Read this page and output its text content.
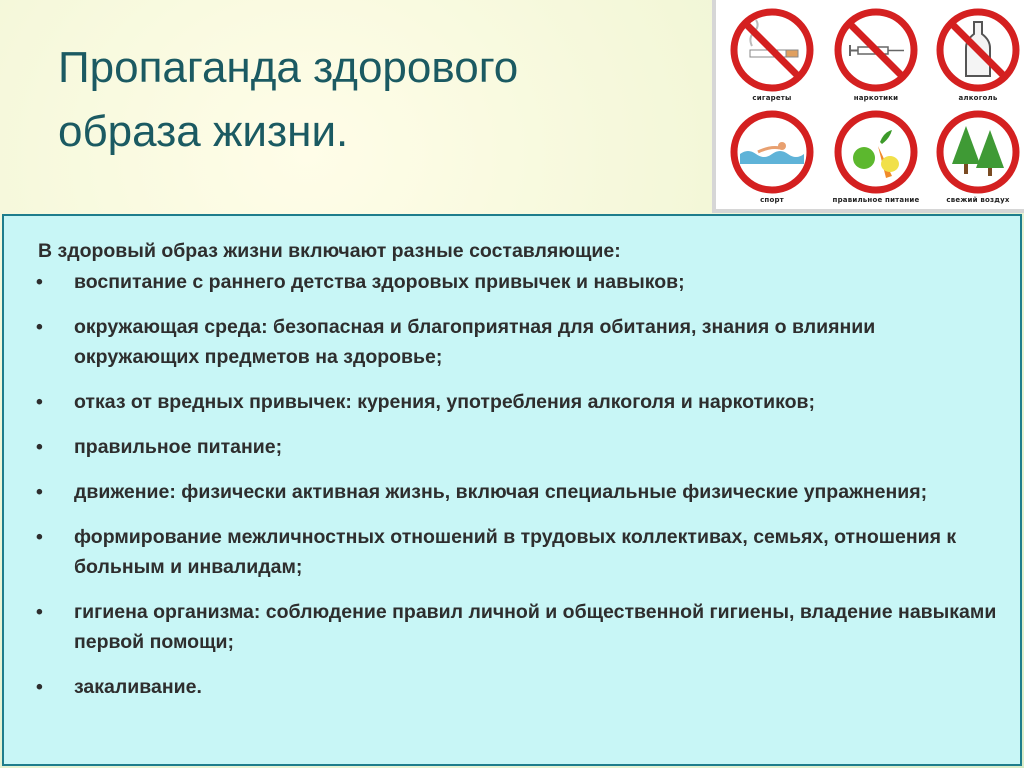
Пропаганда здорового
образа жизни.
сигареты	наркотики	алкоголь
спорт	правильное питание	свежий воздух

В здоровый образ жизни включают разные составляющие:

• воспитание с раннего детства здоровых привычек и навыков;
• окружающая среда: безопасная и благоприятная для обитания, знания о влиянии окружающих предметов на здоровье;
• отказ от вредных привычек: курения, употребления алкоголя и наркотиков;
• правильное питание;
• движение: физически активная жизнь, включая специальные физические упражнения;
• формирование межличностных отношений в трудовых коллективах, семьях, отношения к больным и инвалидам;
• гигиена организма: соблюдение правил личной и общественной гигиены, владение навыками первой помощи;
• закаливание.
